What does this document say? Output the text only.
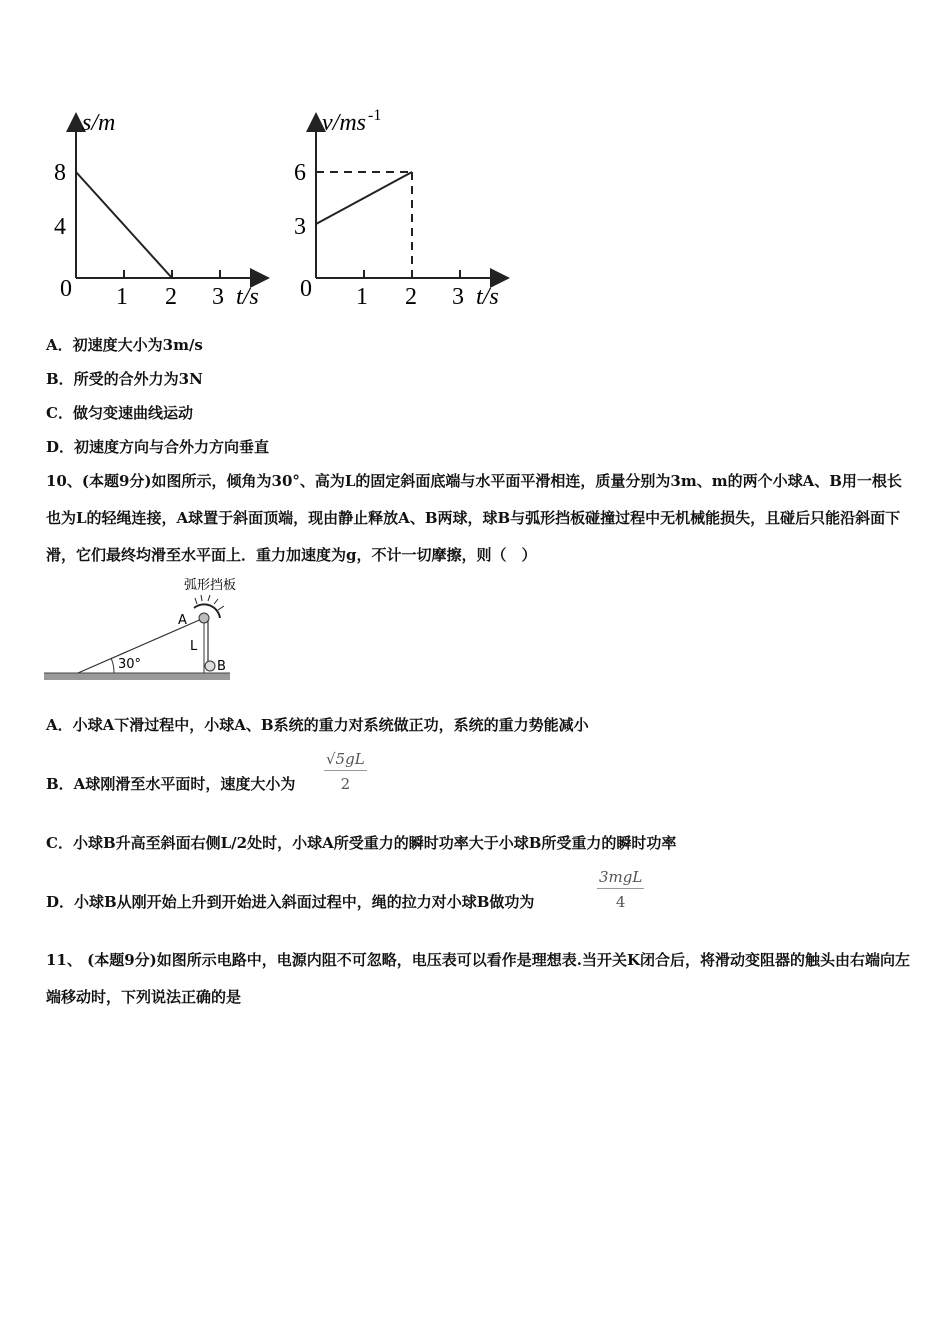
s/m
0
8
4
1 2 3 t/s
v/ms -1
0
6
3
1 2 3 t/s
A．初速度大小为3m/s
B．所受的合外力为3N
C．做匀变速曲线运动
D．初速度方向与合外力方向垂直
10、(本题9分)如图所示，倾角为30°、高为L的固定斜面底端与水平面平滑相连，质量分别为3m、m的两个小球A、B用一根长也为L的轻绳连接，A球置于斜面顶端，现由静止释放A、B两球，球B与弧形挡板碰撞过程中无机械能损失，且碰后只能沿斜面下滑，它们最终均滑至水平面上．重力加速度为g，不计一切摩擦，则（　）
弧形挡板
A
L
B
30°
A．小球A下滑过程中，小球A、B系统的重力对系统做正功，系统的重力势能减小
B．A球刚滑至水平面时，速度大小为 $\frac{√5gL}{2}$
C．小球B升高至斜面右侧L/2处时，小球A所受重力的瞬时功率大于小球B所受重力的瞬时功率
D．小球B从刚开始上升到开始进入斜面过程中，绳的拉力对小球B做功为
3mgL
4
11、 (本题9分)如图所示电路中，电源内阻不可忽略，电压表可以看作是理想表.当开关K闭合后，将滑动变阻器的触头由右端向左端移动时，下列说法正确的是
